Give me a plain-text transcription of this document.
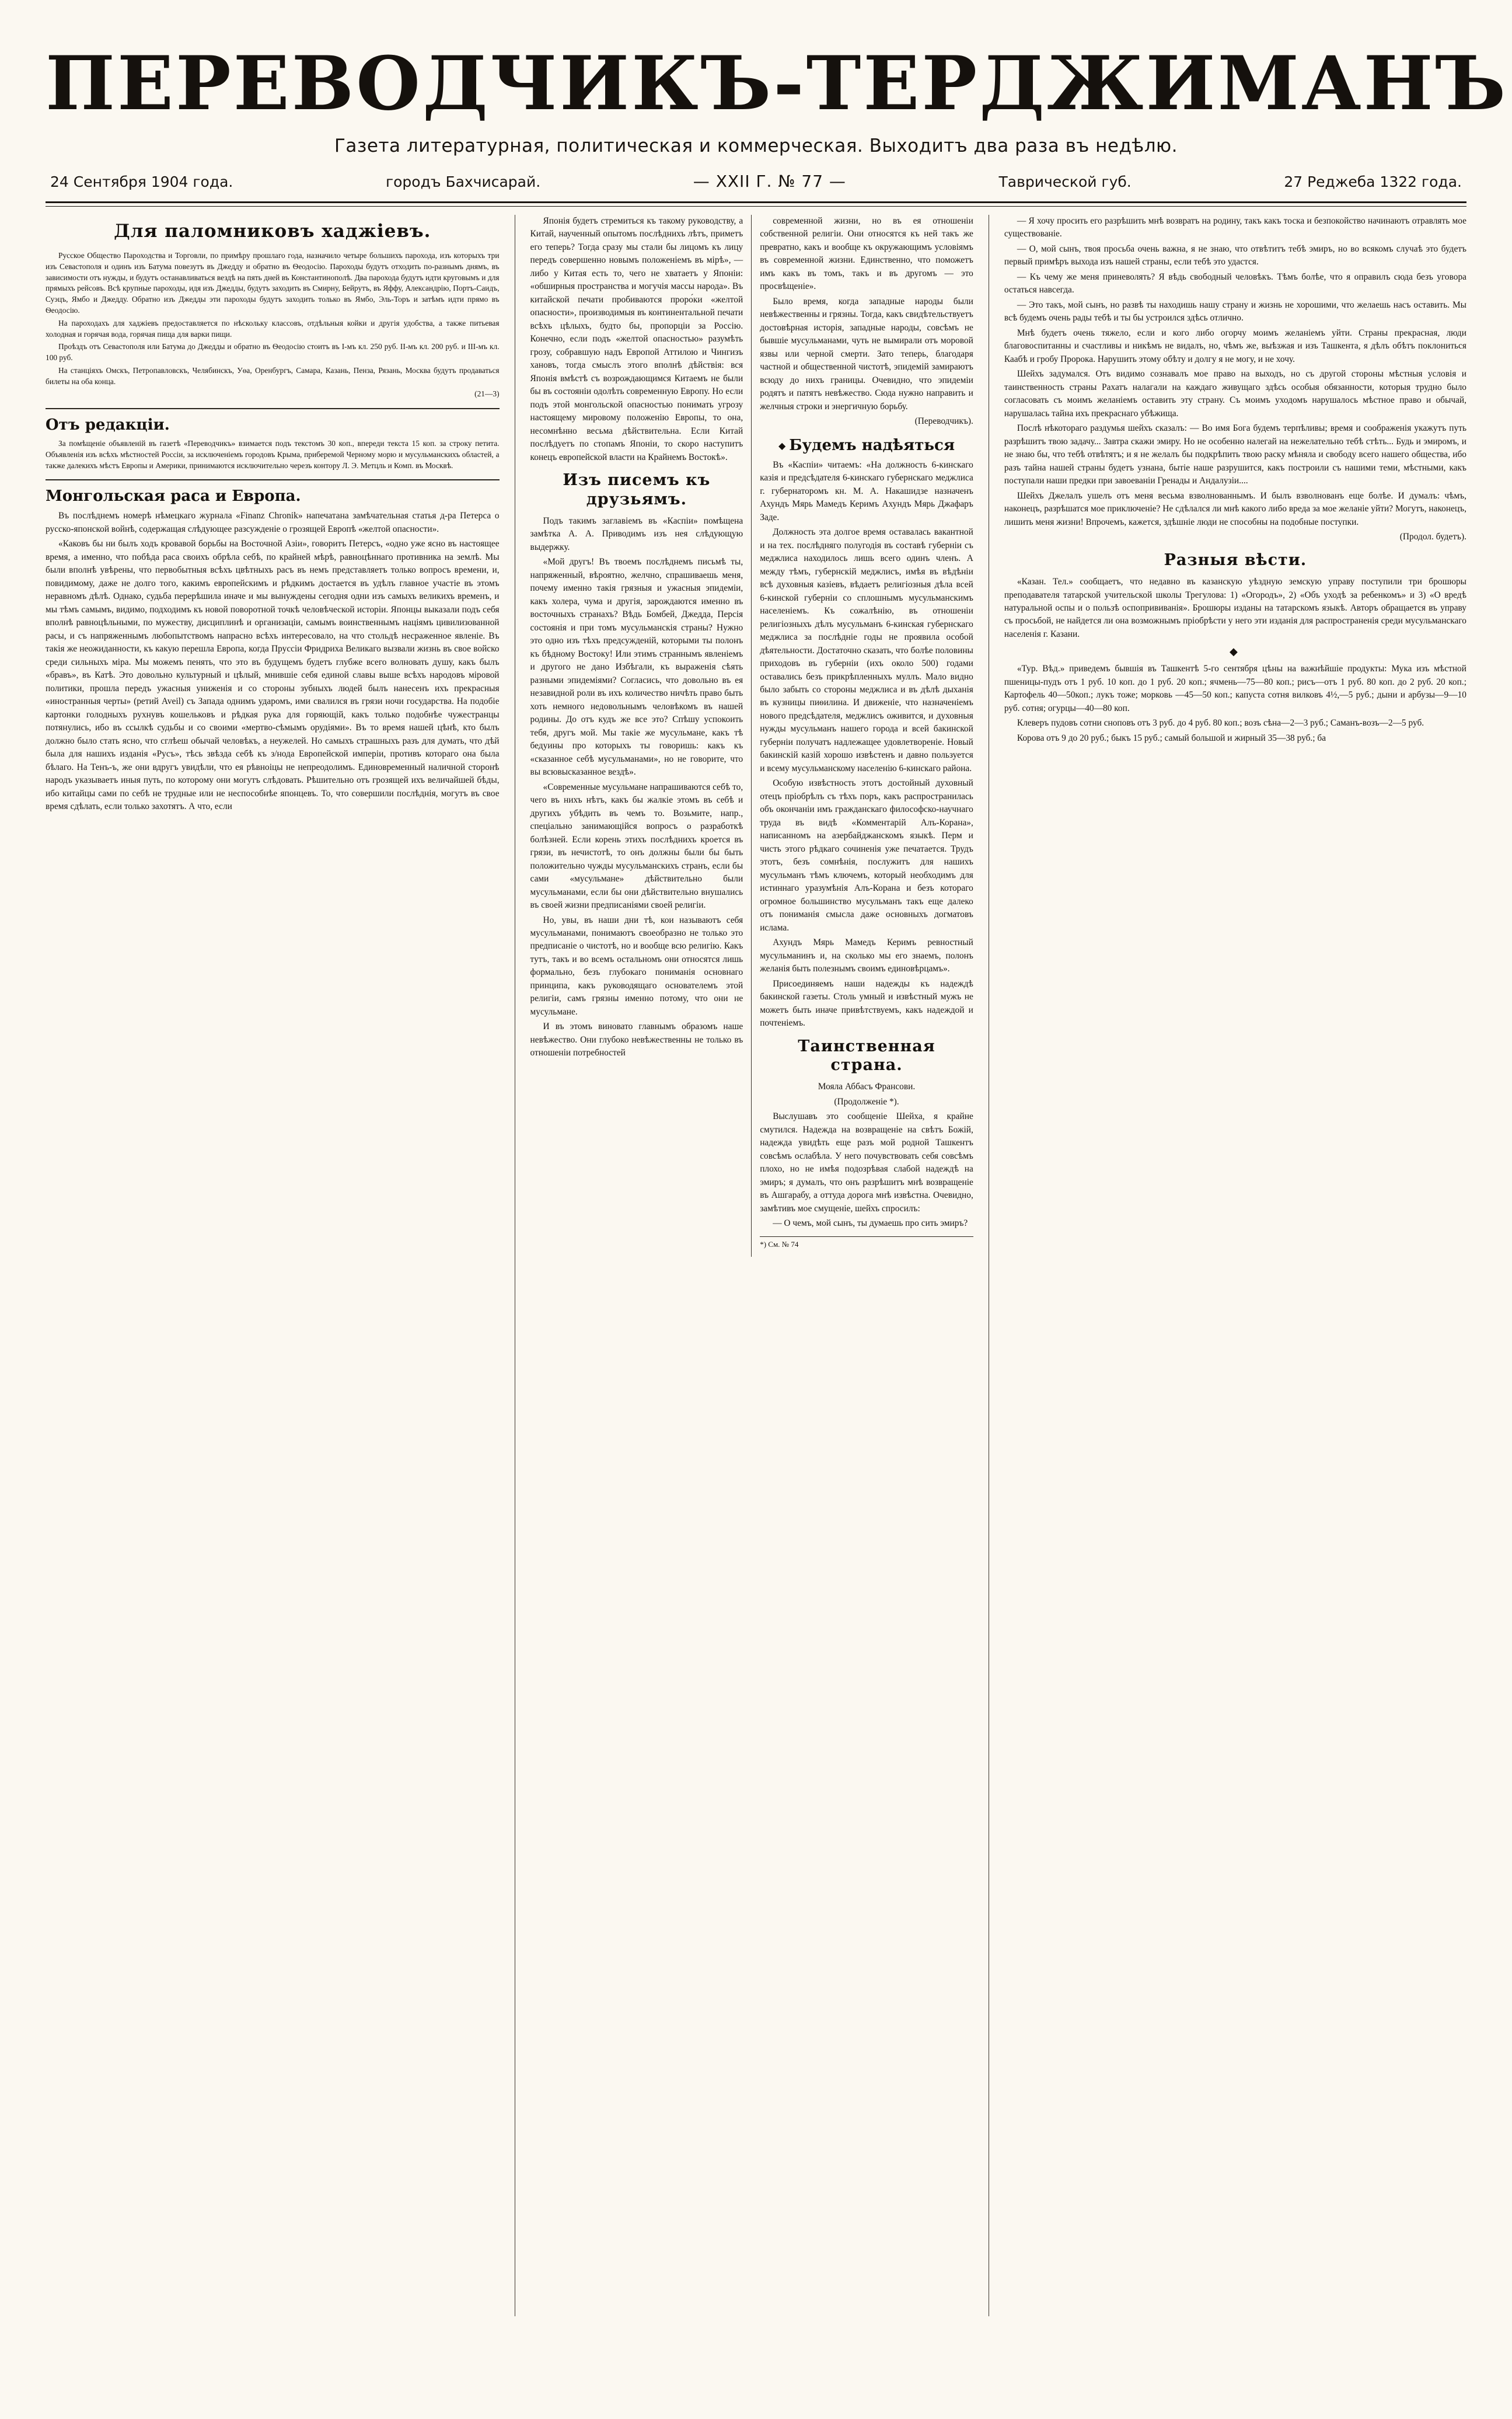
ПЕРЕВОДЧИКЪ-ТЕРДЖИМАНЪ
Газета литературная, политическая и коммерческая. Выходитъ два раза въ недѣлю.
24 Сентября 1904 года.	городъ Бахчисарай.	— XXII Г. № 77 —	Таврической губ.	27 Реджеба 1322 года.
Для паломниковъ хаджіевъ.

Русское Общество Пароходства и Торговли, по примѣру прошлаго года, назначило четыре большихъ парохода, изъ которыхъ три изъ Севастополя и одинъ изъ Батума повезутъ въ Джедду и обратно въ Ѳеодосію. Пароходы будутъ отходить по-разнымъ днямъ, въ зависимости отъ нужды, и будутъ останавливаться вездѣ на пять дней въ Константинополѣ. Два парохода будутъ идти круговымъ и для прямыхъ рейсовъ. Всѣ крупные пароходы, идя изъ Джедды, будутъ заходить въ Смирну, Бейрутъ, въ Яффу, Александрію, Портъ-Саидъ, Суэцъ, Ямбо и Джедду. Обратно изъ Джедды эти пароходы будутъ заходить только въ Ямбо, Эль-Торъ и затѣмъ идти прямо въ Ѳеодосію.

На пароходахъ для хаджіевъ предоставляется по нѣскольку классовъ, отдѣльныя койки и другія удобства, а также питьевая холодная и горячая вода, горячая пища для варки пищи.

Проѣздъ отъ Севастополя или Батума до Джедды и обратно въ Ѳеодосію стоитъ въ I-мъ кл. 250 руб. II-мъ кл. 200 руб. и III-мъ кл. 100 руб.

На станціяхъ Омскъ, Петропавловскъ, Челябинскъ, Уѳа, Оренбургъ, Самара, Казань, Пенза, Рязань, Москва будутъ продаваться билеты на оба конца.

(21—3)

Отъ редакціи.

За помѣщеніе объявленій въ газетѣ «Переводчикъ» взимается подъ текстомъ 30 коп., впереди текста 15 коп. за строку петита. Объявленія изъ всѣхъ мѣстностей Россіи, за исключеніемъ городовъ Крыма, приберемой Черному морю и мусульманскихъ областей, а также далекихъ мѣстъ Европы и Америки, принимаются исключительно черезъ контору Л. Э. Метцль и Комп. въ Москвѣ.

Монгольская раса и Европа.

Въ послѣднемъ номерѣ нѣмецкаго журнала «Finanz Chronik» напечатана замѣчательная статья д-ра Петерса о русско-японской войнѣ, содержащая слѣдующее разсужденіе о грозящей Европѣ «желтой опасности».

«Каковъ бы ни былъ ходъ кровавой борьбы на Восточной Азіи», говоритъ Петерсъ, «одно уже ясно въ настоящее время, а именно, что побѣда раса своихъ обрѣла себѣ, по крайней мѣрѣ, равноцѣннаго противника на землѣ. Мы были вполнѣ увѣрены, что первобытныя всѣхъ цвѣтныхъ расъ въ немъ представляетъ только вопросъ времени, и, повидимому, даже не долго того, какимъ европейскимъ и рѣдкимъ достается въ удѣлъ главное участіе въ этомъ неравномъ дѣлѣ. Однако, судьба перерѣшила иначе и мы вынуждены сегодня одни изъ самыхъ великихъ временъ, и мы тѣмъ самымъ, видимо, подходимъ къ новой поворотной точкѣ человѣческой исторіи. Японцы выказали подъ себя вполнѣ равноцѣльными, по мужеству, дисциплинѣ и организаціи, самымъ воинственнымъ націямъ цивилизованной расы, и съ напряженнымъ любопытствомъ напрасно всѣхъ интересовало, на что стольдѣ несраженное явленіе. Въ такія же неожиданности, къ какую перешла Европа, когда Пруссіи Фридриха Великаго вызвали жизнь въ свое войско среди сильныхъ міра. Мы можемъ пенять, что это въ будущемъ будетъ глубже всего волновать душу, какъ былъ «бравъ», въ Катѣ. Это довольно культурный и цѣлый, мнившіе себя единой славы выше всѣхъ народовъ міровой политики, прошла передъ ужасныя униженія и со стороны зубныхъ людей былъ нанесенъ ихъ прекрасныя «иностранныя черты» (ретий Aveil) съ Запада однимъ ударомъ, ими свалился въ грязи ночи государства. На подобіе картонки голодныхъ рухнувъ кошельковъ и рѣдкая рука для горяющій, какъ только подобнѣе чужестранцы потянулись, ибо въ ссылкѣ судьбы и со своими «мертво-сѣмымъ орудіями». Въ то время нашей цѣнѣ, кто былъ должно было стать ясно, что сглѣеш обычай человѣкъ, а неужелей. Но самыхъ страшныхъ разъ для думать, что дѣй была для нашихъ изданія «Русъ», тѣсь звѣзда себѣ къ з/нода Европейской имперіи, противъ котораго она была бѣлаго. На Тенъ-ъ, же они вдругъ увидѣли, что ея рѣвноіцы не непреодолимъ. Единовременный наличной сторонѣ народъ указываетъ иныя путь, по которому они могутъ слѣдовать. Рѣшительно отъ грозящей ихъ величайшей бѣды, ибо китайцы сами по себѣ не трудные или не неспособнѣе японцевъ. То, что совершили послѣднія, могутъ въ свое время сдѣлать, если только захотятъ. А что, если

Японія будетъ стремиться къ такому руководству, а Китай, наученный опытомъ послѣднихъ лѣтъ, приметъ его теперь? Тогда сразу мы стали бы лицомъ къ лицу передъ совершенно новымъ положеніемъ въ мірѣ», — либо у Китая есть то, чего не хватаетъ у Японіи: «обширныя пространства и могучія массы народа». Въ китайской печати пробиваются проро́ки «желтой опасности», производимыя въ континентальной печати всѣхъ цѣлыхъ, будто бы, пропорціи за Россію. Конечно, если подъ «желтой опасностью» разумѣть грозу, собравшую надъ Европой Аттилою и Чингизъ хановъ, тогда смыслъ этого вполнѣ дѣйствія: вся Японія вмѣстѣ съ возрождающимся Китаемъ не были бы въ состояніи одолѣть современную Европу. Но если подъ этой монгольской опасностью понимать угрозу настоящему мировому положенію Европы, то она, несомнѣнно весьма дѣйствительна. Если Китай послѣдуетъ по стопамъ Японіи, то скоро наступитъ конецъ европейской власти на Крайнемъ Востокѣ».

Изъ писемъ къ друзьямъ.

Подъ такимъ заглавіемъ въ «Каспіи» помѣщена замѣтка А. А. Приводимъ изъ нея слѣдующую выдержку.

«Мой другъ! Въ твоемъ послѣднемъ письмѣ ты, напряженный, вѣроятно, желчно, спрашиваешь меня, почему именно такія грязныя и ужасныя эпидеміи, какъ холера, чума и другія, зарождаются именно въ восточныхъ странахъ? Вѣдь Бомбей, Джедда, Персія состоянія и при томъ мусульманскія страны? Нужно это одно изъ тѣхъ предсужденій, которыми ты полонъ къ бѣдному Востоку! Или этимъ страннымъ явленіемъ и другого не дано Избѣгали, къ выраженія сѣять разными эпидеміями? Согласись, что довольно въ ея незавидной роли въ ихъ количество ничѣть право быть хоть немного недовольнымъ человѣкомъ въ нашей родины. До отъ кудъ же все это? Спѣшу успокоить тебя, другъ мой. Мы такіе же мусульмане, какъ тѣ бедуины про которыхъ ты говоришь: какъ къ «сказанное себѣ мусульманами», но не говорите, что вы всювысказанное вездѣ».

«Современные мусульмане напрашиваются себѣ то, чего въ нихъ нѣтъ, какъ бы жалкіе этомъ въ себѣ и другихъ убѣдить въ чемъ то. Возьмите, напр., спеціально занимающійся вопросъ о разработкѣ болѣзней. Если корень этихъ послѣднихъ кроется въ грязи, въ нечистотѣ, то онъ должны были бы быть положительно чужды мусульманскихъ странъ, если бы сами «мусульмане» дѣйствительно были мусульманами, если бы они дѣйствительно внушались въ своей жизни предписаніями своей религіи.

Но, увы, въ наши дни тѣ, кои называютъ себя мусульманами, понимаютъ своеобразно не только это предписаніе о чистотѣ, но и вообще всю религію. Какъ тутъ, такъ и во всемъ остальномъ они относятся лишь формально, безъ глубокаго пониманія основнаго принципа, какъ руководящаго основателемъ этой религіи, самъ грязны именно потому, что они не мусульмане.

И въ этомъ виновато главнымъ образомъ наше невѣжество. Они глубоко невѣжественны не только въ отношеніи потребностей

современной жизни, но въ ея отношеніи собственной религіи. Они относятся къ ней такъ же превратно, какъ и вообще къ окружающимъ условіямъ въ современной жизни. Единственно, что поможетъ имъ какъ въ томъ, такъ и въ другомъ — это просвѣщеніе».

Было время, когда западные народы были невѣжественны и грязны. Тогда, какъ свидѣтельствуетъ достовѣрная исторія, западные народы, совсѣмъ не бывшіе мусульманами, чуть не вымирали отъ моровой язвы или черной смерти. Зато теперь, благодаря частной и общественной чистотѣ, эпидемій замираютъ всюду до нихъ границы. Очевидно, что эпидеміи родятъ и патятъ невѣжество. Сюда нужно направить и желчныя строки и энергичную борьбу.

(Переводчикъ).

◆ Будемъ надѣяться

Въ «Каспіи» читаемъ: «На должность 6-кинскаго казія и предсѣдателя 6-кинскаго губернскаго меджлиса г. губернаторомъ кн. М. А. Накашидзе назначенъ Ахундъ Мярь Мамедъ Керимъ Ахундъ Мярь Джафаръ Заде.

Должность эта долгое время оставалась вакантной и на тех. послѣдняго полугодія въ составѣ губерніи съ меджлиса находилось лишь всего одинъ членъ. А между тѣмъ, губернскій меджлисъ, имѣя въ вѣдѣніи всѣ духовныя казіевъ, вѣдаетъ религіозныя дѣла всей 6-кинской губерніи со сплошнымъ мусульманскимъ населеніемъ. Къ сожалѣнію, въ отношеніи религіозныхъ дѣлъ мусульманъ 6-кинская губернскаго меджлиса за послѣдніе годы не проявила особой дѣятельности. Достаточно сказать, что болѣе половины приходовъ въ губерніи (ихъ около 500) годами оставались безъ прикрѣпленныхъ муллъ. Мало видно было забыть со стороны меджлиса и въ дѣлѣ дыханія въ кузницы пиѳилина. И движеніе, что назначеніемъ нового предсѣдателя, меджлисъ оживится, и духовныя нужды мусульманъ нашего города и всей бакинской губерніи получатъ надлежащее удовлетвореніе. Новый бакинскій казій хорошо извѣстенъ и давно пользуется и всему мусульманскому населенію 6-кинскаго района.

Особую извѣстность этотъ достойный духовный отецъ пріобрѣлъ съ тѣхъ поръ, какъ распространилась объ окончаніи имъ гражданскаго философско-научнаго труда въ видѣ «Комментарій Алъ-Корана», написанномъ на азербайджанскомъ языкѣ. Перм и чисть этого рѣдкаго сочиненія уже печатается. Трудъ этотъ, безъ сомнѣнія, послужитъ для нашихъ мусульманъ тѣмъ ключемъ, который необходимъ для истиннаго уразумѣнія Алъ-Корана и безъ котораго огромное большинство мусульманъ такъ еще далеко отъ пониманія смысла даже основныхъ догматовъ ислама.

Ахундъ Мярь Мамедъ Керимъ ревностный мусульманинъ и, на сколько мы его знаемъ, полонъ желанія быть полезнымъ своимъ единовѣрцамъ».

Присоединяемъ наши надежды къ надеждѣ бакинской газеты. Столь умный и извѣстный мужъ не можетъ быть иначе привѣтствуемъ, какъ надеждой и почтеніемъ.

Таинственная страна.

Мояла Аббасъ Франсови.

(Продолженіе *).

Выслушавъ это сообщеніе Шейха, я крайне смутился. Надежда на возвращеніе на свѣтъ Божій, надежда увидѣть еще разъ мой родной Ташкентъ совсѣмъ ослабѣла. У него почувствовать себя совсѣмъ плохо, но не имѣя подозрѣвая слабой надеждѣ на эмиръ; я думалъ, что онъ разрѣшитъ мнѣ возвращеніе въ Ашгарабу, а оттуда дорога мнѣ извѣстна. Очевидно, замѣтивъ мое смущеніе, шейхъ спросилъ:

— О чемъ, мой сынъ, ты думаешь про сить эмиръ?

*) См. № 74

— Я хочу просить его разрѣшить мнѣ возвратъ на родину, такъ какъ тоска и безпокойство начинаютъ отравлять мое существованіе.

— О, мой сынъ, твоя просьба очень важна, я не знаю, что отвѣтитъ тебѣ эмиръ, но во всякомъ случаѣ это будетъ первый примѣръ выхода изъ нашей страны, если тебѣ это удастся.

— Къ чему же меня приневолять? Я вѣдь свободный человѣкъ. Тѣмъ болѣе, что я оправилъ сюда безъ уговора остаться навсегда.

— Это такъ, мой сынъ, но развѣ ты находишь нашу страну и жизнь не хорошими, что желаешь насъ оставить. Мы всѣ будемъ очень рады тебѣ и ты бы устроился здѣсь отлично.

Мнѣ будетъ очень тяжело, если и кого либо огорчу моимъ желаніемъ уйти. Страны прекрасная, люди благовоспитанны и счастливы и никѣмъ не видалъ, но, чѣмъ же, выѣзжая и изъ Ташкента, я дѣлъ обѣтъ поклониться Каабѣ и гробу Пророка. Нарушить этому обѣту и долгу я не могу, и не хочу.

Шейхъ задумался. Отъ видимо сознавалъ мое право на выходъ, но съ другой стороны мѣстныя условія и таинственность страны Рахатъ налагали на каждаго живущаго здѣсь особыя обязанности, которыя трудно было согласовать съ моимъ желаніемъ оставить эту страну. Съ моимъ уходомъ нарушалось мѣстное право и обычай, нарушалась тайна ихъ прекраснаго убѣжища.

Послѣ нѣкотораго раздумья шейхъ сказалъ: — Во имя Бога будемъ терпѣливы; время и соображенія укажутъ путь разрѣшитъ твою задачу... Завтра скажи эмиру. Но не особенно налегай на нежелательно тебѣ стѣть... Будь и эмиромъ, и не знаю бы, что тебѣ отвѣтятъ; и я не желалъ бы подкрѣпить твою раску мѣняла и свободу всего нашего общества, ибо разъ тайна нашей страны будетъ узнана, бытіе наше разрушится, какъ построили съ нашими теми, мѣстными, какъ поступали наши предки при завоеваніи Гренады и Андалузіи....

Шейхъ Джелалъ ушелъ отъ меня весьма взволнованнымъ. И былъ взволнованъ еще болѣе. И думалъ: чѣмъ, наконецъ, разрѣшатся мое приключеніе? Не сдѣлался ли мнѣ какого либо вреда за мое желаніе уйти? Могутъ, наконецъ, лишить меня жизни! Впрочемъ, кажется, здѣшніе люди не способны на подобные поступки.

(Продол. будетъ).

Разныя вѣсти.

«Казан. Тел.» сообщаетъ, что недавно въ казанскую уѣздную земскую управу поступили три брошюры преподавателя татарской учительской школы Трегулова: 1) «Огородъ», 2) «Объ уходѣ за ребенкомъ» и 3) «О вредѣ натуральной оспы и о пользѣ оспопрививанія». Брошюры изданы на татарскомъ языкѣ. Авторъ обращается въ управу съ просьбой, не найдется ли она возможнымъ пріобрѣсти у него эти изданія для распространенія среди мусульманскаго населенія г. Казани.

◆

«Тур. Вѣд.» приведемъ бывшія въ Ташкентѣ 5-го сентября цѣны на важнѣйшіе продукты: Мука изъ мѣстной пшеницы-пудъ отъ 1 руб. 10 коп. до 1 руб. 20 коп.; ячмень—75—80 коп.; рисъ—отъ 1 руб. 80 коп. до 2 руб. 20 коп.; Картофель 40—50коп.; лукъ тоже; морковь —45—50 коп.; капуста сотня вилковъ 4½,—5 руб.; дыни и арбузы—9—10 руб. сотня; огурцы—40—80 коп.

Клеверъ пудовъ сотни сноповъ отъ 3 руб. до 4 руб. 80 коп.; возъ сѣна—2—3 руб.; Саманъ-возъ—2—5 руб.

Корова отъ 9 до 20 руб.; быкъ 15 руб.; самый большой и жирный 35—38 руб.; ба
